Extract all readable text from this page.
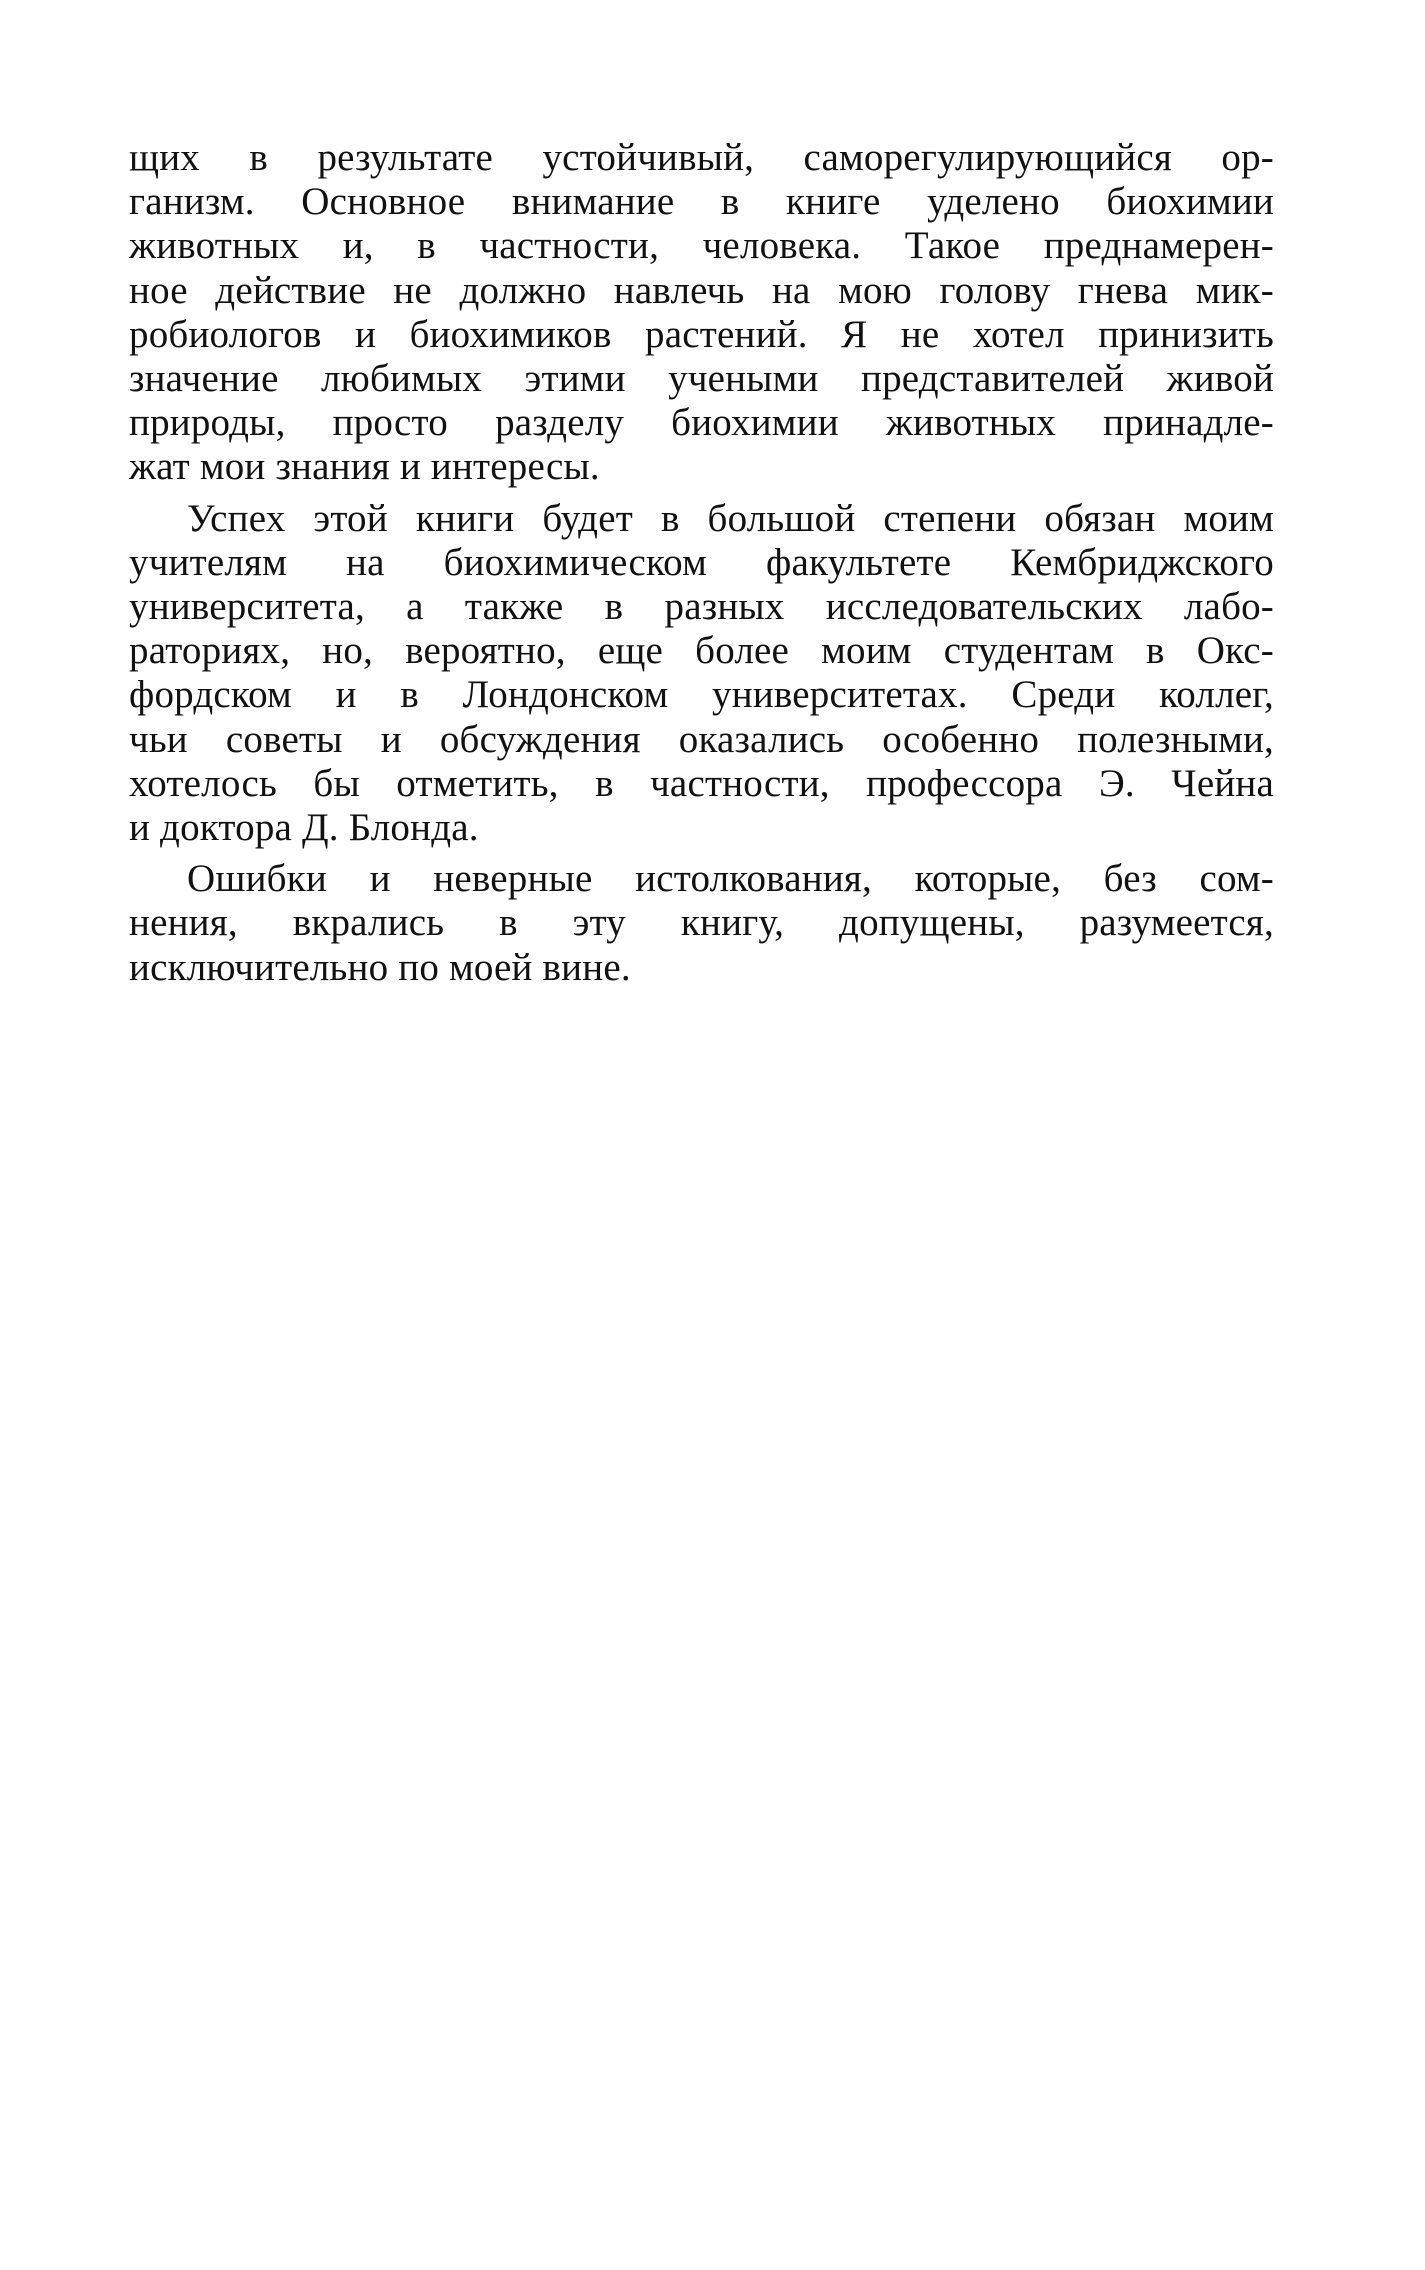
щих в результате устойчивый, саморегулирующийся ор-
ганизм. Основное внимание в книге уделено биохимии
животных и, в частности, человека. Такое преднамерен-
ное действие не должно навлечь на мою голову гнева мик-
робиологов и биохимиков растений. Я не хотел принизить
значение любимых этими учеными представителей живой
природы, просто разделу биохимии животных принадле-
жат мои знания и интересы.

Успех этой книги будет в большой степени обязан моим
учителям на биохимическом факультете Кембриджского
университета, а также в разных исследовательских лабо-
раториях, но, вероятно, еще более моим студентам в Окс-
фордском и в Лондонском университетах. Среди коллег,
чьи советы и обсуждения оказались особенно полезными,
хотелось бы отметить, в частности, профессора Э. Чейна
и доктора Д. Блонда.

Ошибки и неверные истолкования, которые, без сом-
нения, вкрались в эту книгу, допущены, разумеется,
исключительно по моей вине.
